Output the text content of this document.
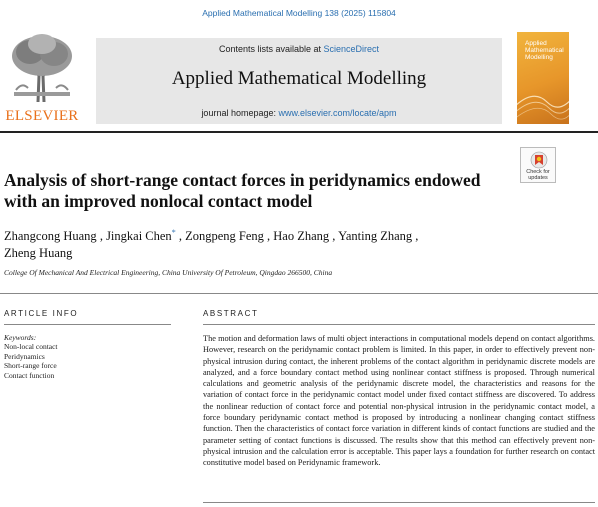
Applied Mathematical Modelling 138 (2025) 115804
ELSEVIER
Contents lists available at ScienceDirect
Applied Mathematical Modelling
journal homepage: www.elsevier.com/locate/apm
Applied Mathematical Modelling
Check for updates
Analysis of short-range contact forces in peridynamics endowed with an improved nonlocal contact model
Zhangcong Huang , Jingkai Chen* , Zongpeng Feng , Hao Zhang , Yanting Zhang ,
Zheng Huang
College Of Mechanical And Electrical Engineering, China University Of Petroleum, Qingdao 266500, China
ARTICLE INFO	ABSTRACT
Keywords:
Non-local contact
Peridynamics
Short-range force
Contact function

The motion and deformation laws of multi object interactions in computational models depend on contact algorithms. However, research on the peridynamic contact problem is limited. In this paper, in order to effectively prevent non-physical intrusion during contact, the inherent problems of the contact algorithm in peridynamic discrete models are analyzed, and a force boundary contact method using nonlinear contact stiffness is proposed. Through numerical calculations and geometric analysis of the peridynamic discrete model, the characteristics and reasons for the variation of contact force in the peridynamic contact model under fixed contact stiffness are discovered. To address the nonlinear reduction of contact force and potential non-physical intrusion in the peridynamic contact model, a force boundary peridynamic contact method is proposed by introducing a nonlinear changing contact stiffness function. Then the characteristics of contact force variation in different kinds of contact functions are studied and the parameter setting of contact functions is discussed. The results show that this method can effectively prevent non-physical intrusion and the calculation error is acceptable. This paper lays a foundation for further research on contact constitutive model based on Peridynamic framework.
